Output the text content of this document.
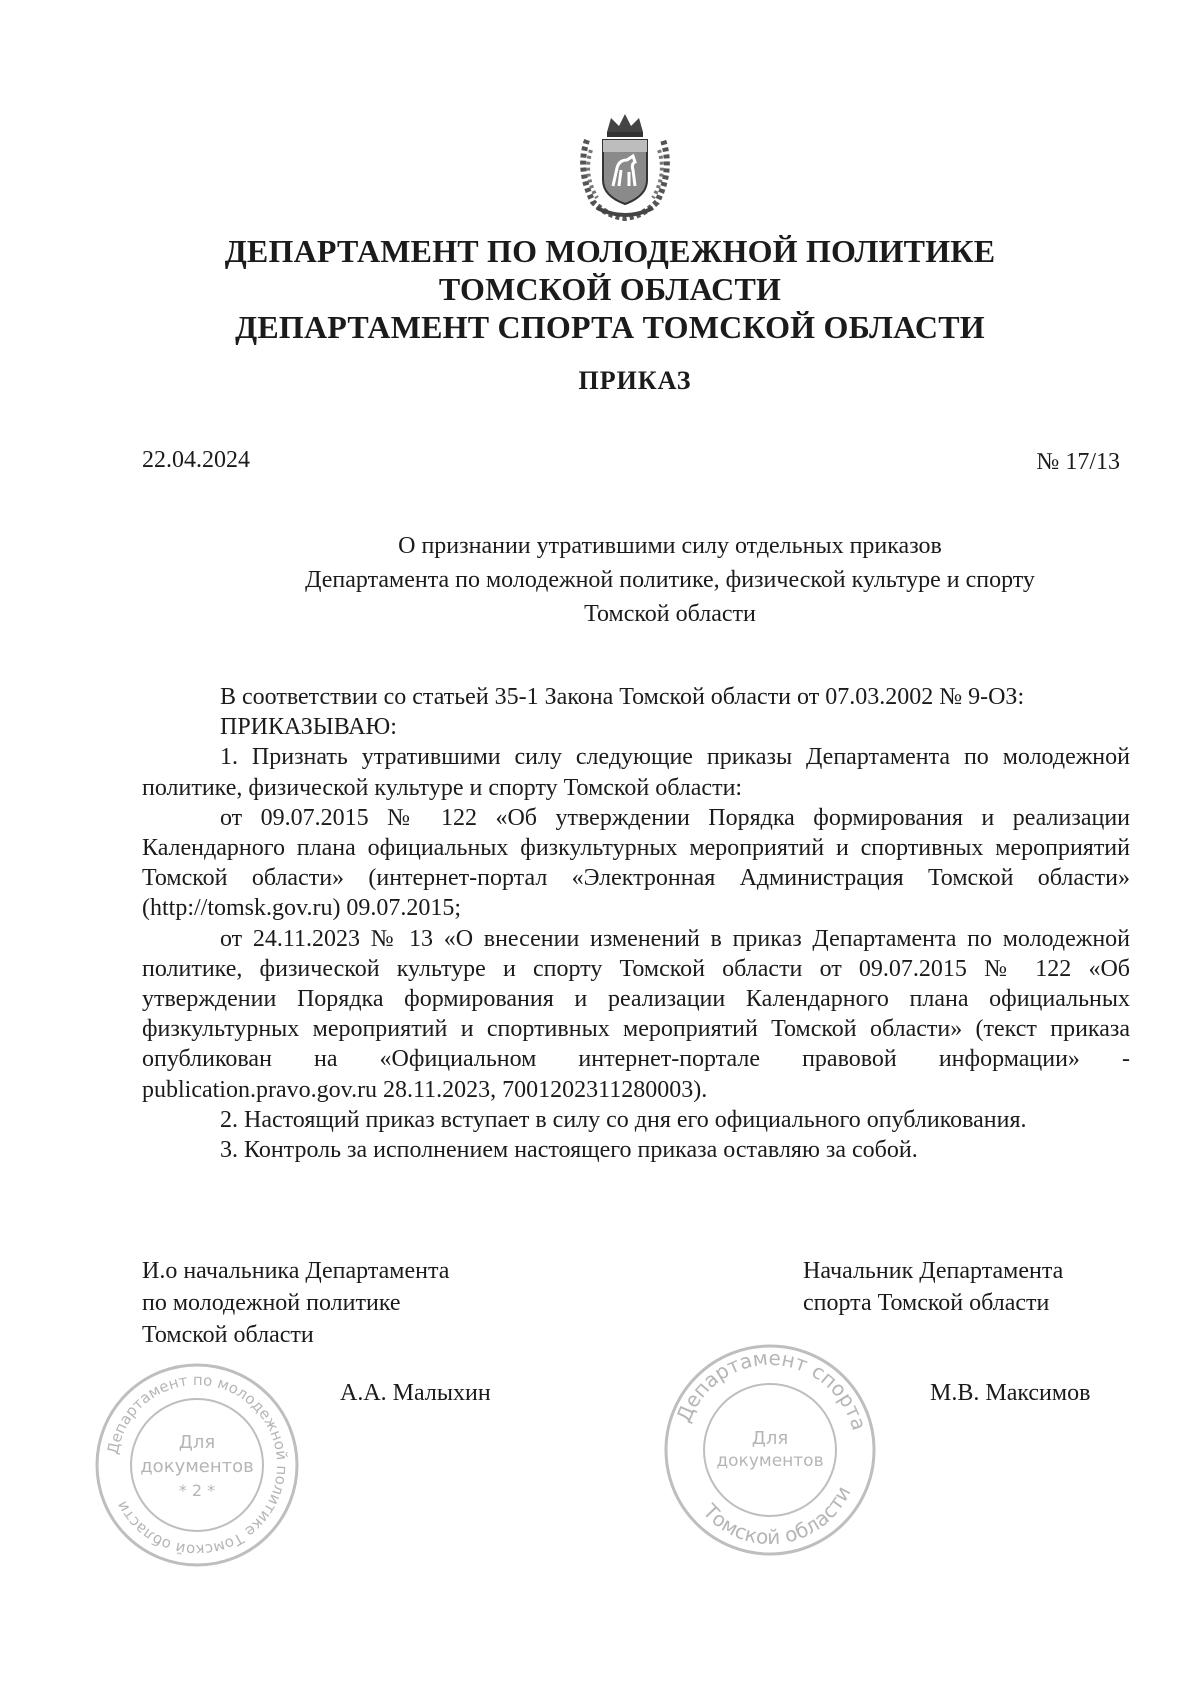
ДЕПАРТАМЕНТ ПО МОЛОДЕЖНОЙ ПОЛИТИКЕ
ТОМСКОЙ ОБЛАСТИ
ДЕПАРТАМЕНТ СПОРТА ТОМСКОЙ ОБЛАСТИ
ПРИКАЗ
22.04.2024	№ 17/13
О признании утратившими силу отдельных приказов
Департамента по молодежной политике, физической культуре и спорту
Томской области

В соответствии со статьей 35-1 Закона Томской области от 07.03.2002 № 9-ОЗ:

ПРИКАЗЫВАЮ:

1. Признать утратившими силу следующие приказы Департамента по молодежной политике, физической культуре и спорту Томской области:

от 09.07.2015 № 122 «Об утверждении Порядка формирования и реализации Календарного плана официальных физкультурных мероприятий и спортивных мероприятий Томской области» (интернет-портал «Электронная Администрация Томской области» (http://tomsk.gov.ru) 09.07.2015;

от 24.11.2023 № 13 «О внесении изменений в приказ Департамента по молодежной политике, физической культуре и спорту Томской области от 09.07.2015 № 122 «Об утверждении Порядка формирования и реализации Календарного плана официальных физкультурных мероприятий и спортивных мероприятий Томской области» (текст приказа опубликован на «Официальном интернет-портале правовой информации» - publication.pravo.gov.ru 28.11.2023, 7001202311280003).

2. Настоящий приказ вступает в силу со дня его официального опубликования.

3. Контроль за исполнением настоящего приказа оставляю за собой.

И.о начальника Департамента
по молодежной политике
Томской области
Начальник Департамента
спорта Томской области
А.А. Малыхин	М.В. Максимов
Департамент по молодежной политике Томской области
Для
документов
* 2 *
Департамент спорта
Томской области
Для
документов
